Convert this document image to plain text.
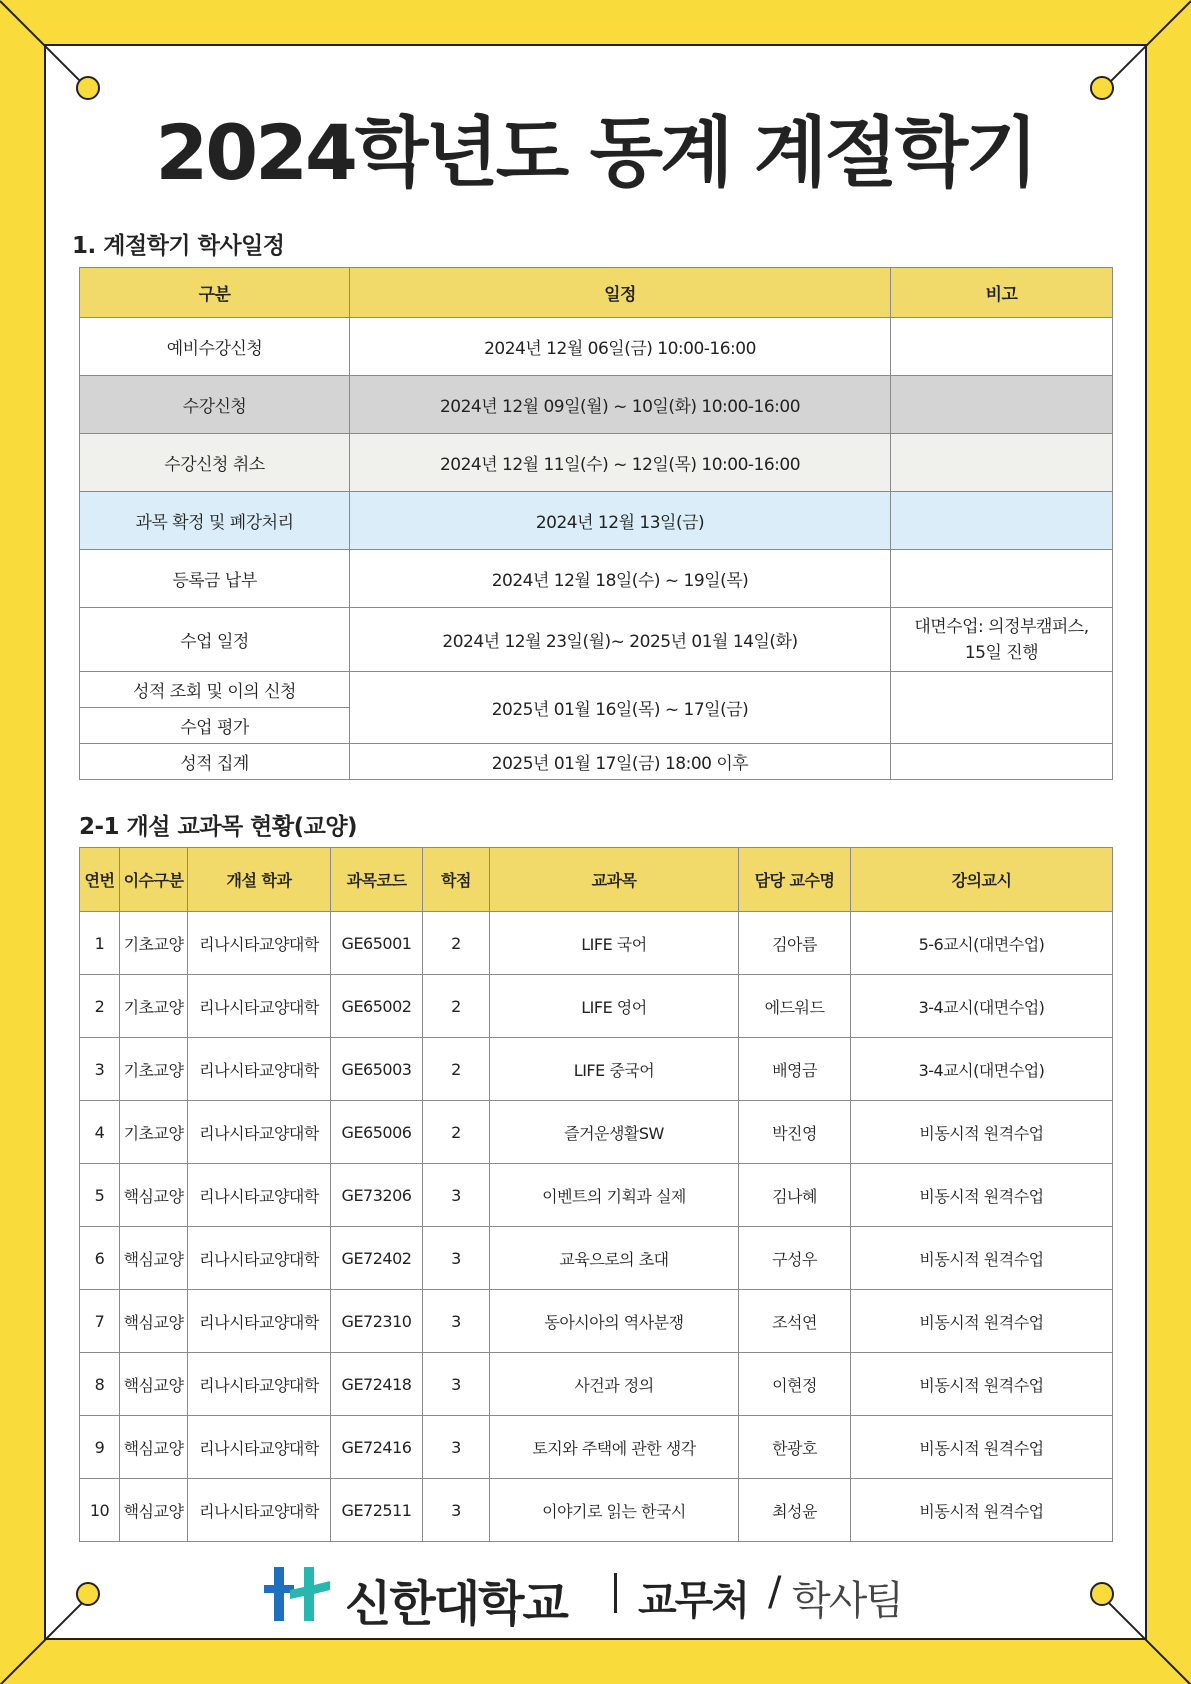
2024학년도 동계 계절학기
1. 계절학기 학사일정
구분	일정	비고
예비수강신청	2024년 12월 06일(금) 10:00-16:00	
수강신청	2024년 12월 09일(월) ~ 10일(화) 10:00-16:00	
수강신청 취소	2024년 12월 11일(수) ~ 12일(목) 10:00-16:00	
과목 확정 및 폐강처리	2024년 12월 13일(금)	
등록금 납부	2024년 12월 18일(수) ~ 19일(목)	
수업 일정	2024년 12월 23일(월)~ 2025년 01월 14일(화)	대면수업: 의정부캠퍼스,
15일 진행

성적 조회 및 이의 신청	2025년 01월 16일(목) ~ 17일(금)	
수업 평가		
성적 집계	2025년 01월 17일(금) 18:00 이후	
2-1 개설 교과목 현황(교양)
연번	이수구분	개설 학과	과목코드	학점	교과목	담당 교수명	강의교시
1	기초교양	리나시타교양대학	GE65001	2	LIFE 국어	김아름	5-6교시(대면수업)
2	기초교양	리나시타교양대학	GE65002	2	LIFE 영어	에드워드	3-4교시(대면수업)
3	기초교양	리나시타교양대학	GE65003	2	LIFE 중국어	배영금	3-4교시(대면수업)
4	기초교양	리나시타교양대학	GE65006	2	즐거운생활SW	박진영	비동시적 원격수업
5	핵심교양	리나시타교양대학	GE73206	3	이벤트의 기획과 실제	김나혜	비동시적 원격수업
6	핵심교양	리나시타교양대학	GE72402	3	교육으로의 초대	구성우	비동시적 원격수업
7	핵심교양	리나시타교양대학	GE72310	3	동아시아의 역사분쟁	조석연	비동시적 원격수업
8	핵심교양	리나시타교양대학	GE72418	3	사건과 정의	이현정	비동시적 원격수업
9	핵심교양	리나시타교양대학	GE72416	3	토지와 주택에 관한 생각	한광호	비동시적 원격수업
10	핵심교양	리나시타교양대학	GE72511	3	이야기로 읽는 한국시	최성윤	비동시적 원격수업
신한대학교 교무처 / 학사팀
